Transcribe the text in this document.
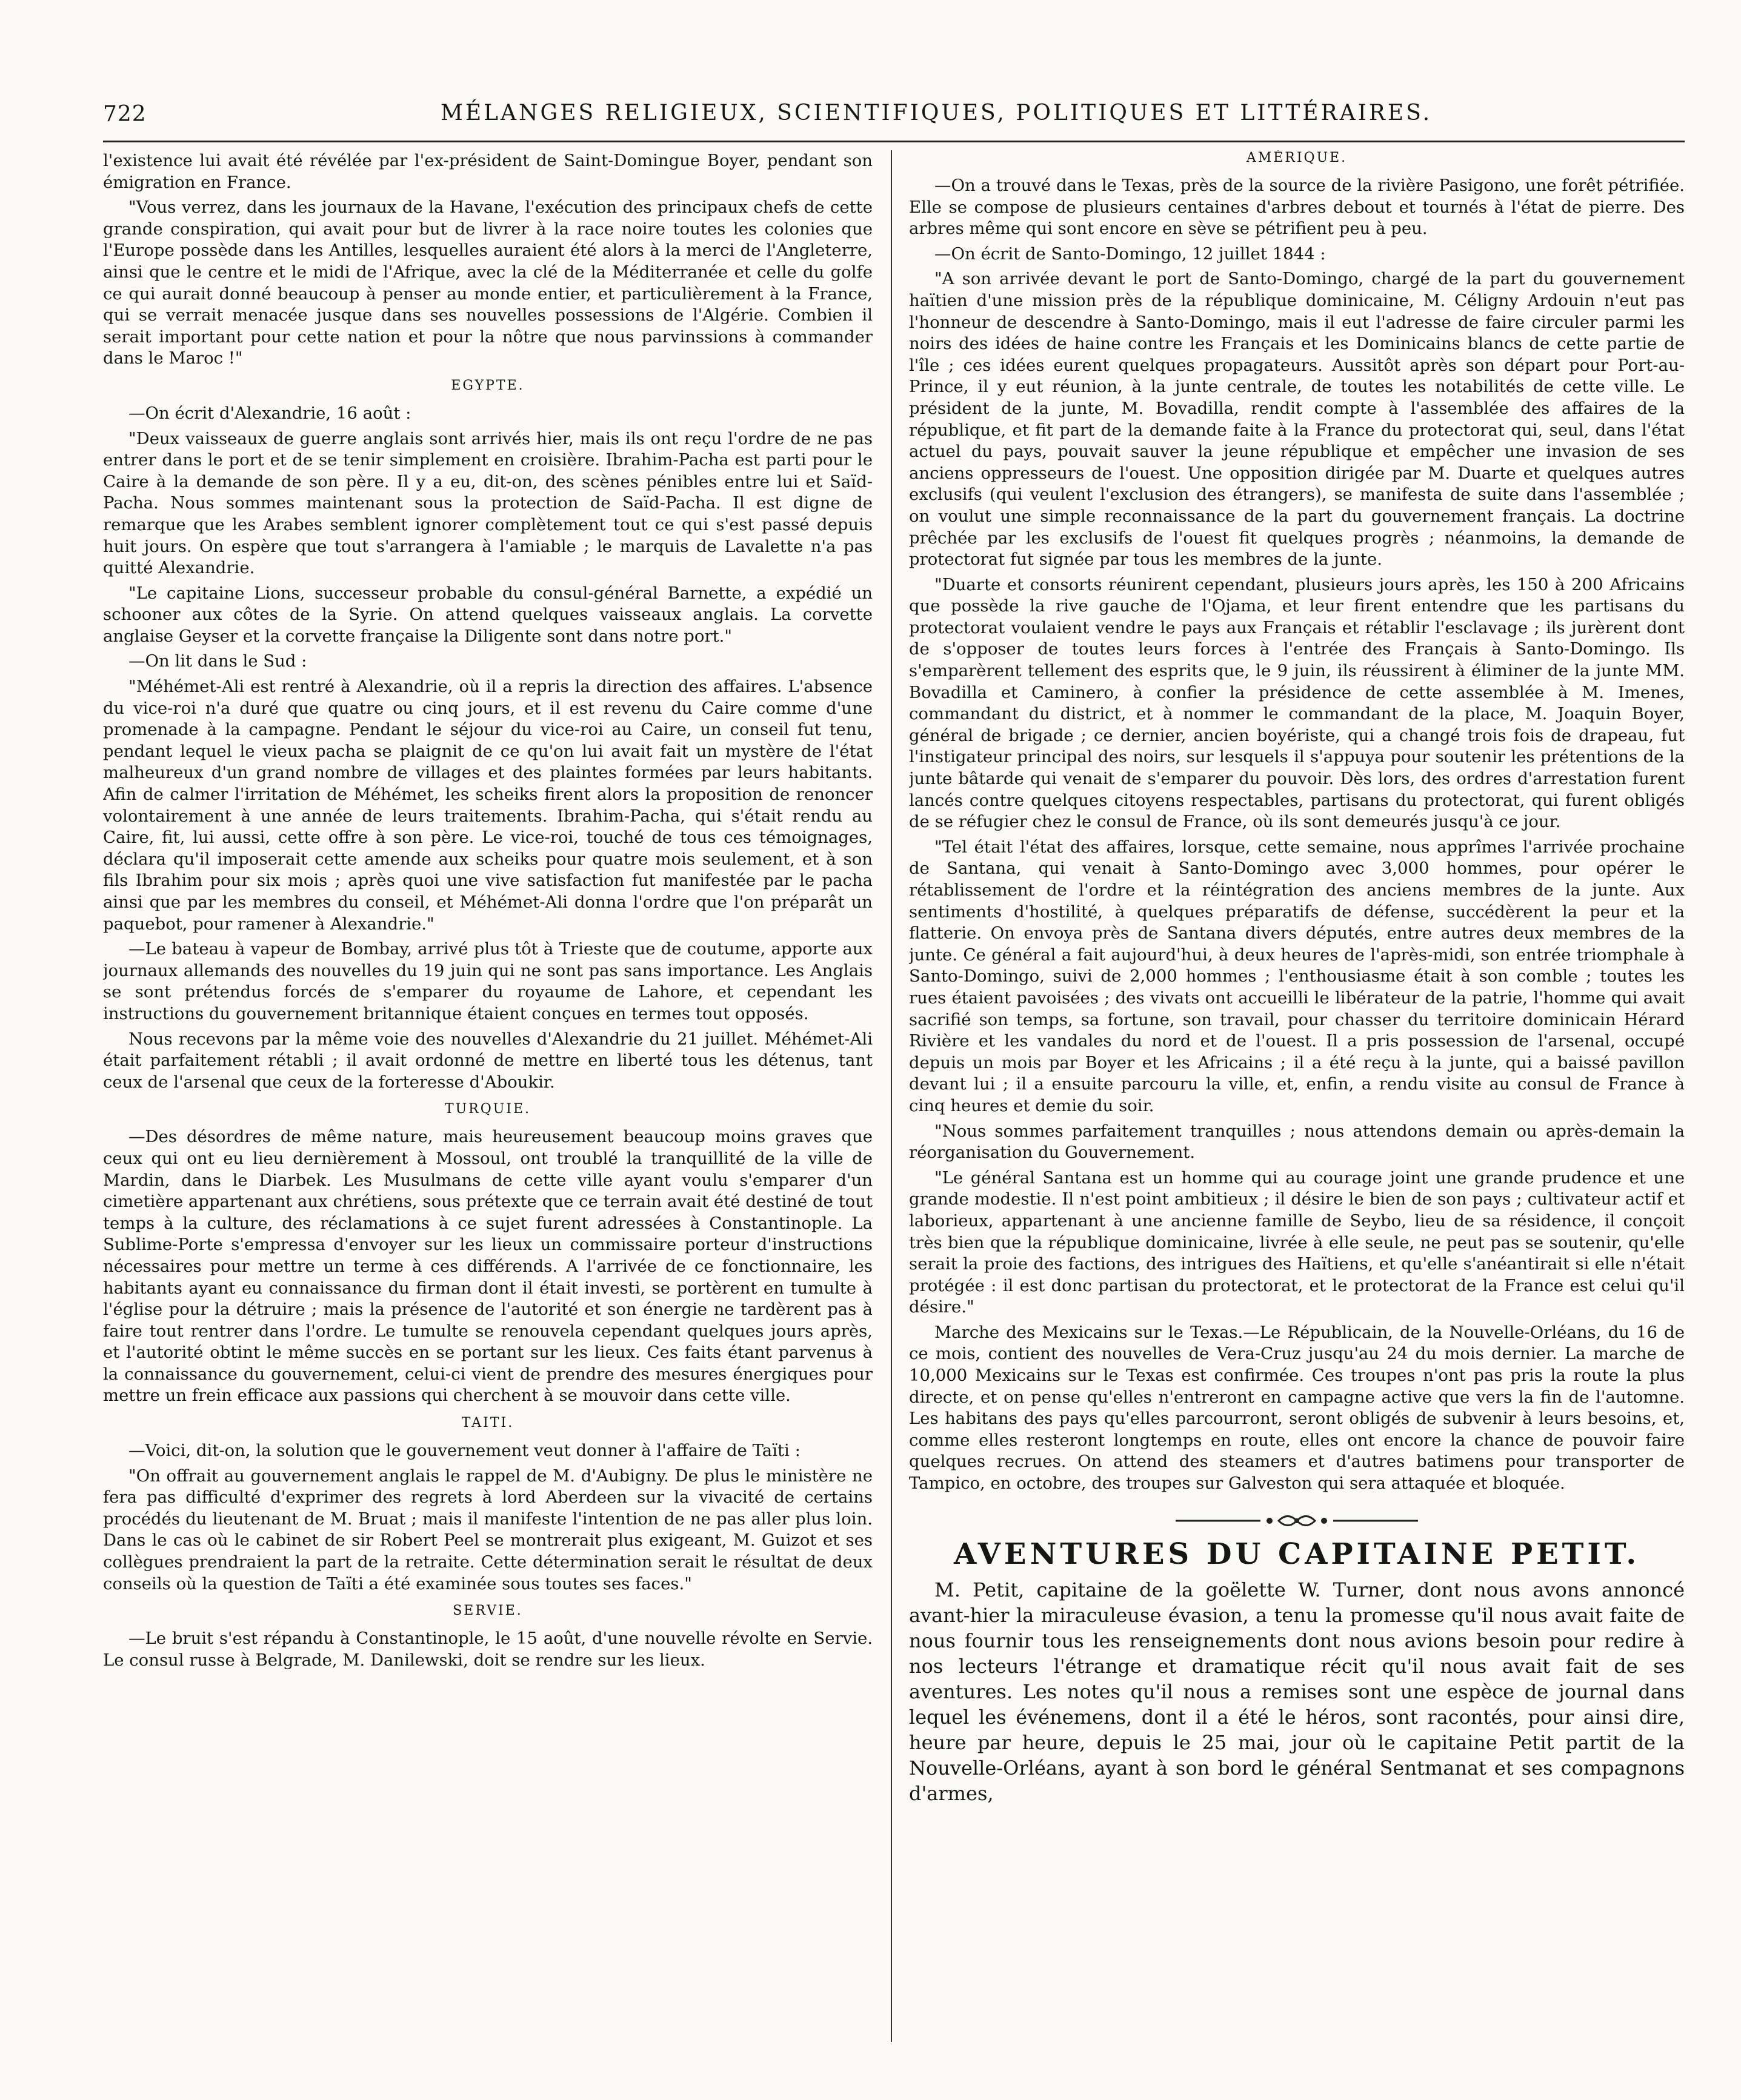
722	MÉLANGES RELIGIEUX, SCIENTIFIQUES, POLITIQUES ET LITTÉRAIRES.

l'existence lui avait été révélée par l'ex-président de Saint-Domingue Boyer, pendant son émigration en France.

"Vous verrez, dans les journaux de la Havane, l'exécution des principaux chefs de cette grande conspiration, qui avait pour but de livrer à la race noire toutes les colonies que l'Europe possède dans les Antilles, lesquelles auraient été alors à la merci de l'Angleterre, ainsi que le centre et le midi de l'Afrique, avec la clé de la Méditerranée et celle du golfe ce qui aurait donné beaucoup à penser au monde entier, et particulièrement à la France, qui se verrait menacée jusque dans ses nouvelles possessions de l'Algérie. Combien il serait important pour cette nation et pour la nôtre que nous parvinssions à commander dans le Maroc !"

EGYPTE.

—On écrit d'Alexandrie, 16 août :

"Deux vaisseaux de guerre anglais sont arrivés hier, mais ils ont reçu l'ordre de ne pas entrer dans le port et de se tenir simplement en croisière. Ibrahim-Pacha est parti pour le Caire à la demande de son père. Il y a eu, dit-on, des scènes pénibles entre lui et Saïd-Pacha. Nous sommes maintenant sous la protection de Saïd-Pacha. Il est digne de remarque que les Arabes semblent ignorer complètement tout ce qui s'est passé depuis huit jours. On espère que tout s'arrangera à l'amiable ; le marquis de Lavalette n'a pas quitté Alexandrie.

"Le capitaine Lions, successeur probable du consul-général Barnette, a expédié un schooner aux côtes de la Syrie. On attend quelques vaisseaux anglais. La corvette anglaise Geyser et la corvette française la Diligente sont dans notre port."

—On lit dans le Sud :

"Méhémet-Ali est rentré à Alexandrie, où il a repris la direction des affaires. L'absence du vice-roi n'a duré que quatre ou cinq jours, et il est revenu du Caire comme d'une promenade à la campagne. Pendant le séjour du vice-roi au Caire, un conseil fut tenu, pendant lequel le vieux pacha se plaignit de ce qu'on lui avait fait un mystère de l'état malheureux d'un grand nombre de villages et des plaintes formées par leurs habitants. Afin de calmer l'irritation de Méhémet, les scheiks firent alors la proposition de renoncer volontairement à une année de leurs traitements. Ibrahim-Pacha, qui s'était rendu au Caire, fit, lui aussi, cette offre à son père. Le vice-roi, touché de tous ces témoignages, déclara qu'il imposerait cette amende aux scheiks pour quatre mois seulement, et à son fils Ibrahim pour six mois ; après quoi une vive satisfaction fut manifestée par le pacha ainsi que par les membres du conseil, et Méhémet-Ali donna l'ordre que l'on préparât un paquebot, pour ramener à Alexandrie."

—Le bateau à vapeur de Bombay, arrivé plus tôt à Trieste que de coutume, apporte aux journaux allemands des nouvelles du 19 juin qui ne sont pas sans importance. Les Anglais se sont prétendus forcés de s'emparer du royaume de Lahore, et cependant les instructions du gouvernement britannique étaient conçues en termes tout opposés.

Nous recevons par la même voie des nouvelles d'Alexandrie du 21 juillet. Méhémet-Ali était parfaitement rétabli ; il avait ordonné de mettre en liberté tous les détenus, tant ceux de l'arsenal que ceux de la forteresse d'Aboukir.

TURQUIE.

—Des désordres de même nature, mais heureusement beaucoup moins graves que ceux qui ont eu lieu dernièrement à Mossoul, ont troublé la tranquillité de la ville de Mardin, dans le Diarbek. Les Musulmans de cette ville ayant voulu s'emparer d'un cimetière appartenant aux chrétiens, sous prétexte que ce terrain avait été destiné de tout temps à la culture, des réclamations à ce sujet furent adressées à Constantinople. La Sublime-Porte s'empressa d'envoyer sur les lieux un commissaire porteur d'instructions nécessaires pour mettre un terme à ces différends. A l'arrivée de ce fonctionnaire, les habitants ayant eu connaissance du firman dont il était investi, se portèrent en tumulte à l'église pour la détruire ; mais la présence de l'autorité et son énergie ne tardèrent pas à faire tout rentrer dans l'ordre. Le tumulte se renouvela cependant quelques jours après, et l'autorité obtint le même succès en se portant sur les lieux. Ces faits étant parvenus à la connaissance du gouvernement, celui-ci vient de prendre des mesures énergiques pour mettre un frein efficace aux passions qui cherchent à se mouvoir dans cette ville.

TAITI.

—Voici, dit-on, la solution que le gouvernement veut donner à l'affaire de Taïti :

"On offrait au gouvernement anglais le rappel de M. d'Aubigny. De plus le ministère ne fera pas difficulté d'exprimer des regrets à lord Aberdeen sur la vivacité de certains procédés du lieutenant de M. Bruat ; mais il manifeste l'intention de ne pas aller plus loin. Dans le cas où le cabinet de sir Robert Peel se montrerait plus exigeant, M. Guizot et ses collègues prendraient la part de la retraite. Cette détermination serait le résultat de deux conseils où la question de Taïti a été examinée sous toutes ses faces."

SERVIE.

—Le bruit s'est répandu à Constantinople, le 15 août, d'une nouvelle révolte en Servie. Le consul russe à Belgrade, M. Danilewski, doit se rendre sur les lieux.

AMÉRIQUE.

—On a trouvé dans le Texas, près de la source de la rivière Pasigono, une forêt pétrifiée. Elle se compose de plusieurs centaines d'arbres debout et tournés à l'état de pierre. Des arbres même qui sont encore en sève se pétrifient peu à peu.

—On écrit de Santo-Domingo, 12 juillet 1844 :

"A son arrivée devant le port de Santo-Domingo, chargé de la part du gouvernement haïtien d'une mission près de la république dominicaine, M. Céligny Ardouin n'eut pas l'honneur de descendre à Santo-Domingo, mais il eut l'adresse de faire circuler parmi les noirs des idées de haine contre les Français et les Dominicains blancs de cette partie de l'île ; ces idées eurent quelques propagateurs. Aussitôt après son départ pour Port-au-Prince, il y eut réunion, à la junte centrale, de toutes les notabilités de cette ville. Le président de la junte, M. Bovadilla, rendit compte à l'assemblée des affaires de la république, et fit part de la demande faite à la France du protectorat qui, seul, dans l'état actuel du pays, pouvait sauver la jeune république et empêcher une invasion de ses anciens oppresseurs de l'ouest. Une opposition dirigée par M. Duarte et quelques autres exclusifs (qui veulent l'exclusion des étrangers), se manifesta de suite dans l'assemblée ; on voulut une simple reconnaissance de la part du gouvernement français. La doctrine prêchée par les exclusifs de l'ouest fit quelques progrès ; néanmoins, la demande de protectorat fut signée par tous les membres de la junte.

"Duarte et consorts réunirent cependant, plusieurs jours après, les 150 à 200 Africains que possède la rive gauche de l'Ojama, et leur firent entendre que les partisans du protectorat voulaient vendre le pays aux Français et rétablir l'esclavage ; ils jurèrent dont de s'opposer de toutes leurs forces à l'entrée des Français à Santo-Domingo. Ils s'emparèrent tellement des esprits que, le 9 juin, ils réussirent à éliminer de la junte MM. Bovadilla et Caminero, à confier la présidence de cette assemblée à M. Imenes, commandant du district, et à nommer le commandant de la place, M. Joaquin Boyer, général de brigade ; ce dernier, ancien boyériste, qui a changé trois fois de drapeau, fut l'instigateur principal des noirs, sur lesquels il s'appuya pour soutenir les prétentions de la junte bâtarde qui venait de s'emparer du pouvoir. Dès lors, des ordres d'arrestation furent lancés contre quelques citoyens respectables, partisans du protectorat, qui furent obligés de se réfugier chez le consul de France, où ils sont demeurés jusqu'à ce jour.

"Tel était l'état des affaires, lorsque, cette semaine, nous apprîmes l'arrivée prochaine de Santana, qui venait à Santo-Domingo avec 3,000 hommes, pour opérer le rétablissement de l'ordre et la réintégration des anciens membres de la junte. Aux sentiments d'hostilité, à quelques préparatifs de défense, succédèrent la peur et la flatterie. On envoya près de Santana divers députés, entre autres deux membres de la junte. Ce général a fait aujourd'hui, à deux heures de l'après-midi, son entrée triomphale à Santo-Domingo, suivi de 2,000 hommes ; l'enthousiasme était à son comble ; toutes les rues étaient pavoisées ; des vivats ont accueilli le libérateur de la patrie, l'homme qui avait sacrifié son temps, sa fortune, son travail, pour chasser du territoire dominicain Hérard Rivière et les vandales du nord et de l'ouest. Il a pris possession de l'arsenal, occupé depuis un mois par Boyer et les Africains ; il a été reçu à la junte, qui a baissé pavillon devant lui ; il a ensuite parcouru la ville, et, enfin, a rendu visite au consul de France à cinq heures et demie du soir.

"Nous sommes parfaitement tranquilles ; nous attendons demain ou après-demain la réorganisation du Gouvernement.

"Le général Santana est un homme qui au courage joint une grande prudence et une grande modestie. Il n'est point ambitieux ; il désire le bien de son pays ; cultivateur actif et laborieux, appartenant à une ancienne famille de Seybo, lieu de sa résidence, il conçoit très bien que la république dominicaine, livrée à elle seule, ne peut pas se soutenir, qu'elle serait la proie des factions, des intrigues des Haïtiens, et qu'elle s'anéantirait si elle n'était protégée : il est donc partisan du protectorat, et le protectorat de la France est celui qu'il désire."

Marche des Mexicains sur le Texas.—Le Républicain, de la Nouvelle-Orléans, du 16 de ce mois, contient des nouvelles de Vera-Cruz jusqu'au 24 du mois dernier. La marche de 10,000 Mexicains sur le Texas est confirmée. Ces troupes n'ont pas pris la route la plus directe, et on pense qu'elles n'entreront en campagne active que vers la fin de l'automne. Les habitans des pays qu'elles parcourront, seront obligés de subvenir à leurs besoins, et, comme elles resteront longtemps en route, elles ont encore la chance de pouvoir faire quelques recrues. On attend des steamers et d'autres batimens pour transporter de Tampico, en octobre, des troupes sur Galveston qui sera attaquée et bloquée.

AVENTURES DU CAPITAINE PETIT.

M. Petit, capitaine de la goëlette W. Turner, dont nous avons annoncé avant-hier la miraculeuse évasion, a tenu la promesse qu'il nous avait faite de nous fournir tous les renseignements dont nous avions besoin pour redire à nos lecteurs l'étrange et dramatique récit qu'il nous avait fait de ses aventures. Les notes qu'il nous a remises sont une espèce de journal dans lequel les événemens, dont il a été le héros, sont racontés, pour ainsi dire, heure par heure, depuis le 25 mai, jour où le capitaine Petit partit de la Nouvelle-Orléans, ayant à son bord le général Sentmanat et ses compagnons d'armes,
